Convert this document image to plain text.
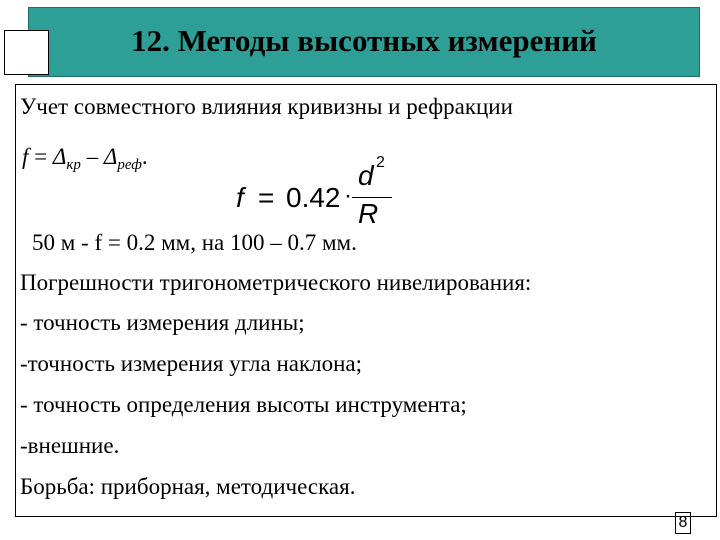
12. Методы высотных измерений
Учет совместного влияния кривизны и рефракции
$f = \Delta_{кр} - \Delta_{реф}$.
f = 0.42 ·
d 2
R
50 м - f = 0.2 мм, на 100 – 0.7 мм.
Погрешности тригонометрического нивелирования:
- точность измерения длины;
-точность измерения угла наклона;
- точность определения высоты инструмента;
-внешние.
Борьба: приборная, методическая.
8
